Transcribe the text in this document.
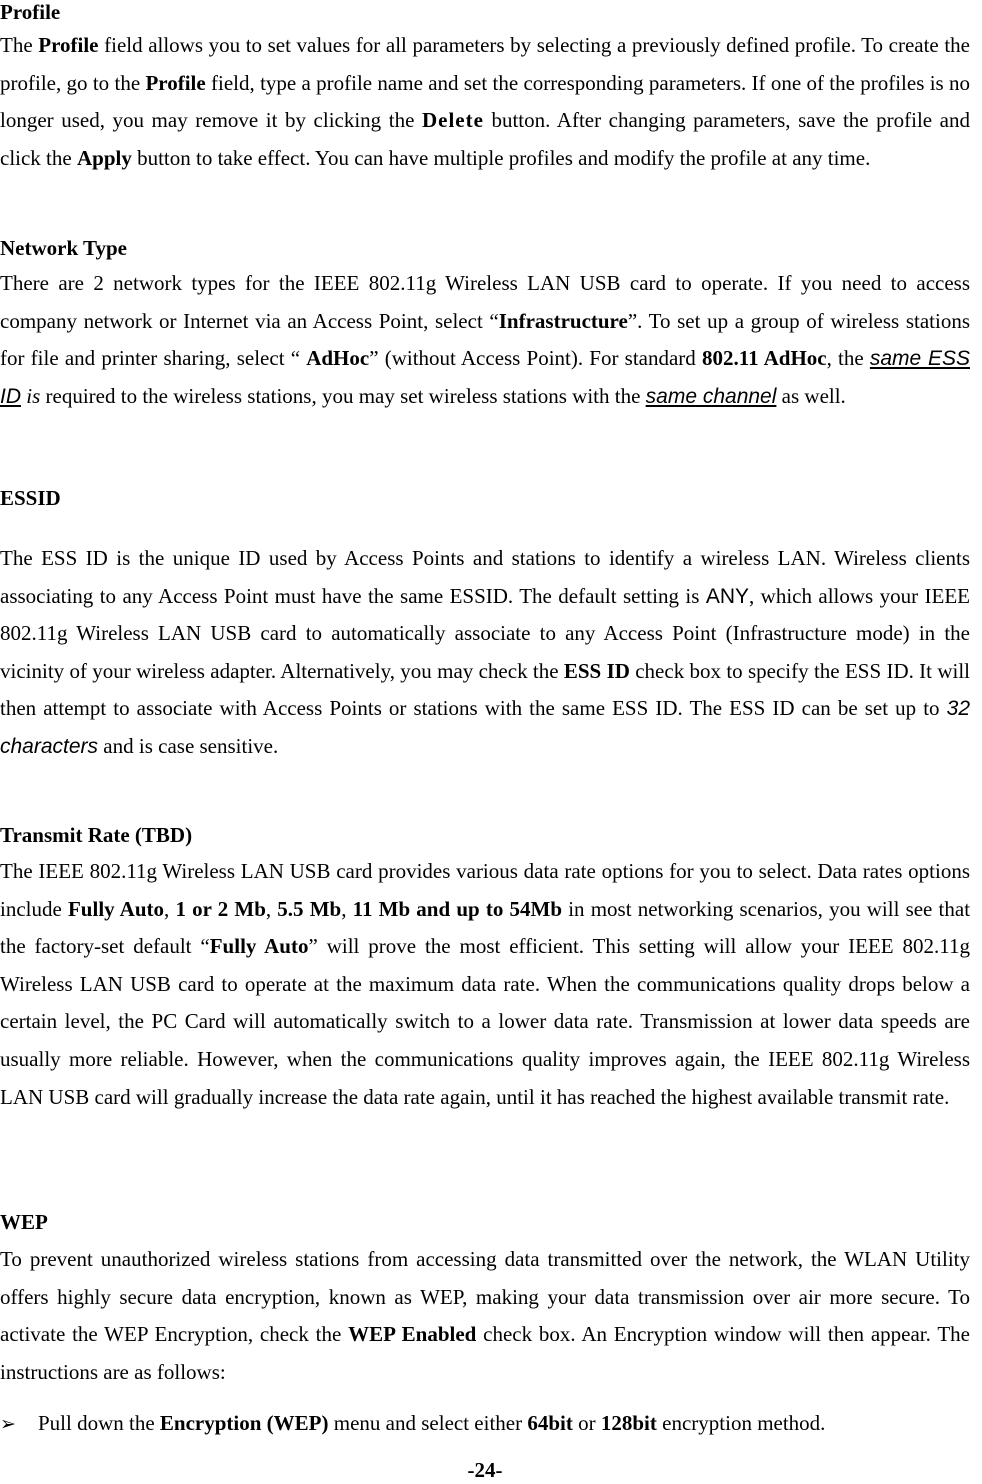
Profile
The Profile field allows you to set values for all parameters by selecting a previously defined profile. To create the profile, go to the Profile field, type a profile name and set the corresponding parameters. If one of the profiles is no longer used, you may remove it by clicking the Delete button. After changing parameters, save the profile and click the Apply button to take effect. You can have multiple profiles and modify the profile at any time.
Network Type
There are 2 network types for the IEEE 802.11g Wireless LAN USB card to operate. If you need to access company network or Internet via an Access Point, select “Infrastructure”. To set up a group of wireless stations for file and printer sharing, select “ AdHoc” (without Access Point). For standard 802.11 AdHoc, the same ESS ID is required to the wireless stations, you may set wireless stations with the same channel as well.
ESSID
The ESS ID is the unique ID used by Access Points and stations to identify a wireless LAN. Wireless clients associating to any Access Point must have the same ESSID. The default setting is ANY, which allows your IEEE 802.11g Wireless LAN USB card to automatically associate to any Access Point (Infrastructure mode) in the vicinity of your wireless adapter. Alternatively, you may check the ESS ID check box to specify the ESS ID. It will then attempt to associate with Access Points or stations with the same ESS ID. The ESS ID can be set up to 32 characters and is case sensitive.
Transmit Rate (TBD)
The IEEE 802.11g Wireless LAN USB card provides various data rate options for you to select. Data rates options include Fully Auto, 1 or 2 Mb, 5.5 Mb, 11 Mb and up to 54Mb in most networking scenarios, you will see that the factory-set default “Fully Auto” will prove the most efficient. This setting will allow your IEEE 802.11g Wireless LAN USB card to operate at the maximum data rate. When the communications quality drops below a certain level, the PC Card will automatically switch to a lower data rate. Transmission at lower data speeds are usually more reliable. However, when the communications quality improves again, the IEEE 802.11g Wireless LAN USB card will gradually increase the data rate again, until it has reached the highest available transmit rate.
WEP
To prevent unauthorized wireless stations from accessing data transmitted over the network, the WLAN Utility offers highly secure data encryption, known as WEP, making your data transmission over air more secure. To activate the WEP Encryption, check the WEP Enabled check box. An Encryption window will then appear. The instructions are as follows:
➢ Pull down the Encryption (WEP) menu and select either 64bit or 128bit encryption method.
-24-
